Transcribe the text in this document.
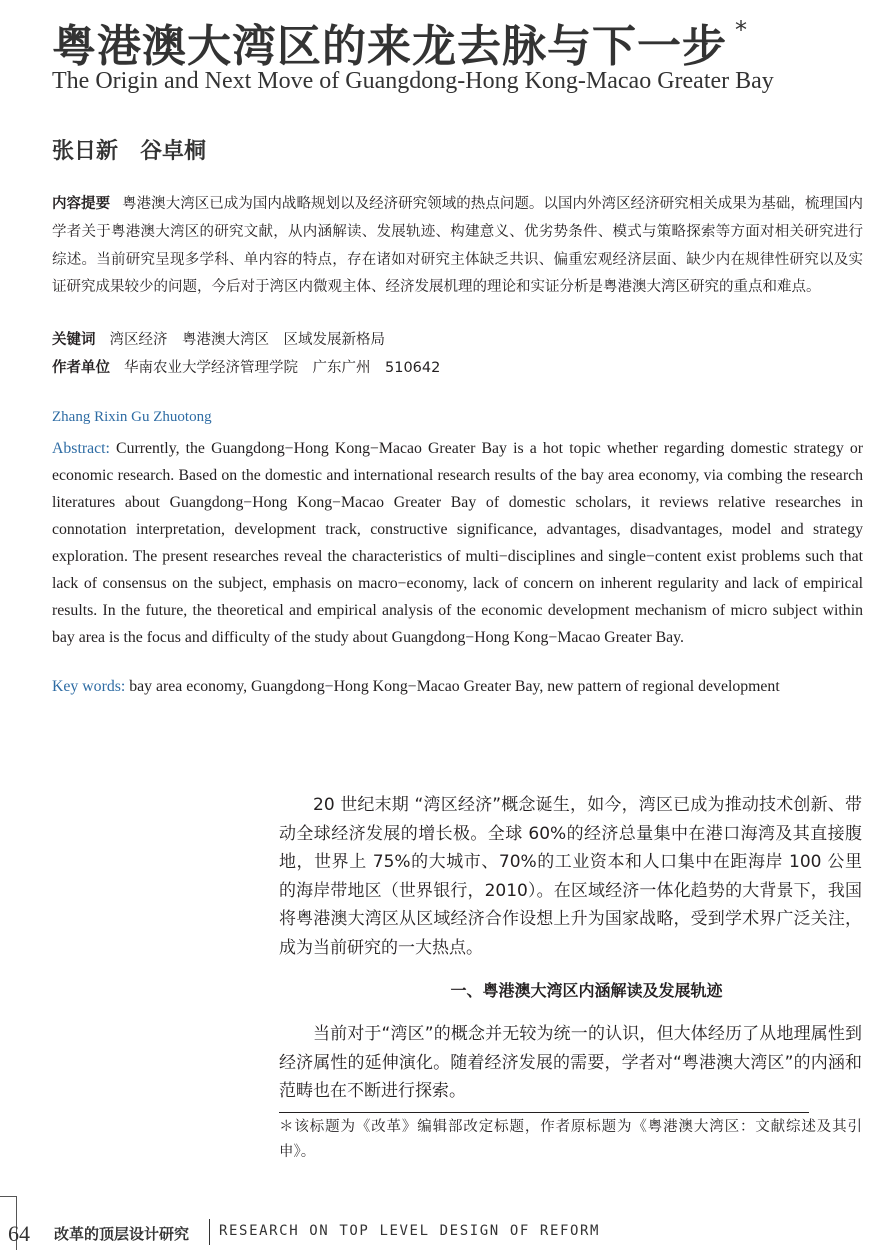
粤港澳大湾区的来龙去脉与下一步 *
The Origin and Next Move of Guangdong-Hong Kong-Macao Greater Bay
张日新　谷卓桐
内容提要 粤港澳大湾区已成为国内战略规划以及经济研究领域的热点问题。以国内外湾区经济研究相关成果为基础，梳理国内学者关于粤港澳大湾区的研究文献，从内涵解读、发展轨迹、构建意义、优劣势条件、模式与策略探索等方面对相关研究进行综述。当前研究呈现多学科、单内容的特点，存在诸如对研究主体缺乏共识、偏重宏观经济层面、缺少内在规律性研究以及实证研究成果较少的问题，今后对于湾区内微观主体、经济发展机理的理论和实证分析是粤港澳大湾区研究的重点和难点。
关键词 湾区经济　粤港澳大湾区　区域发展新格局
作者单位 华南农业大学经济管理学院　广东广州　510642
Zhang Rixin Gu Zhuotong
Abstract: Currently, the Guangdong−Hong Kong−Macao Greater Bay is a hot topic whether regarding domestic strategy or economic research. Based on the domestic and international research results of the bay area economy, via combing the research literatures about Guangdong−Hong Kong−Macao Greater Bay of domestic scholars, it reviews relative researches in connotation interpretation, development track, constructive significance, advantages, disadvantages, model and strategy exploration. The present researches reveal the characteristics of multi−disciplines and single−content exist problems such that lack of consensus on the subject, emphasis on macro−economy, lack of concern on inherent regularity and lack of empirical results. In the future, the theoretical and empirical analysis of the economic development mechanism of micro subject within bay area is the focus and difficulty of the study about Guangdong−Hong Kong−Macao Greater Bay.
Key words: bay area economy, Guangdong−Hong Kong−Macao Greater Bay, new pattern of regional development
20 世纪末期 “湾区经济”概念诞生，如今，湾区已成为推动技术创新、带动全球经济发展的增长极。全球 60%的经济总量集中在港口海湾及其直接腹地，世界上 75%的大城市、70%的工业资本和人口集中在距海岸 100 公里的海岸带地区（世界银行，2010）。在区域经济一体化趋势的大背景下，我国将粤港澳大湾区从区域经济合作设想上升为国家战略，受到学术界广泛关注，成为当前研究的一大热点。
一、粤港澳大湾区内涵解读及发展轨迹
当前对于“湾区”的概念并无较为统一的认识，但大体经历了从地理属性到经济属性的延伸演化。随着经济发展的需要，学者对“粤港澳大湾区”的内涵和范畴也在不断进行探索。
＊该标题为《改革》编辑部改定标题，作者原标题为《粤港澳大湾区：文献综述及其引申》。
64 改革的顶层设计研究 RESEARCH ON TOP LEVEL DESIGN OF REFORM
